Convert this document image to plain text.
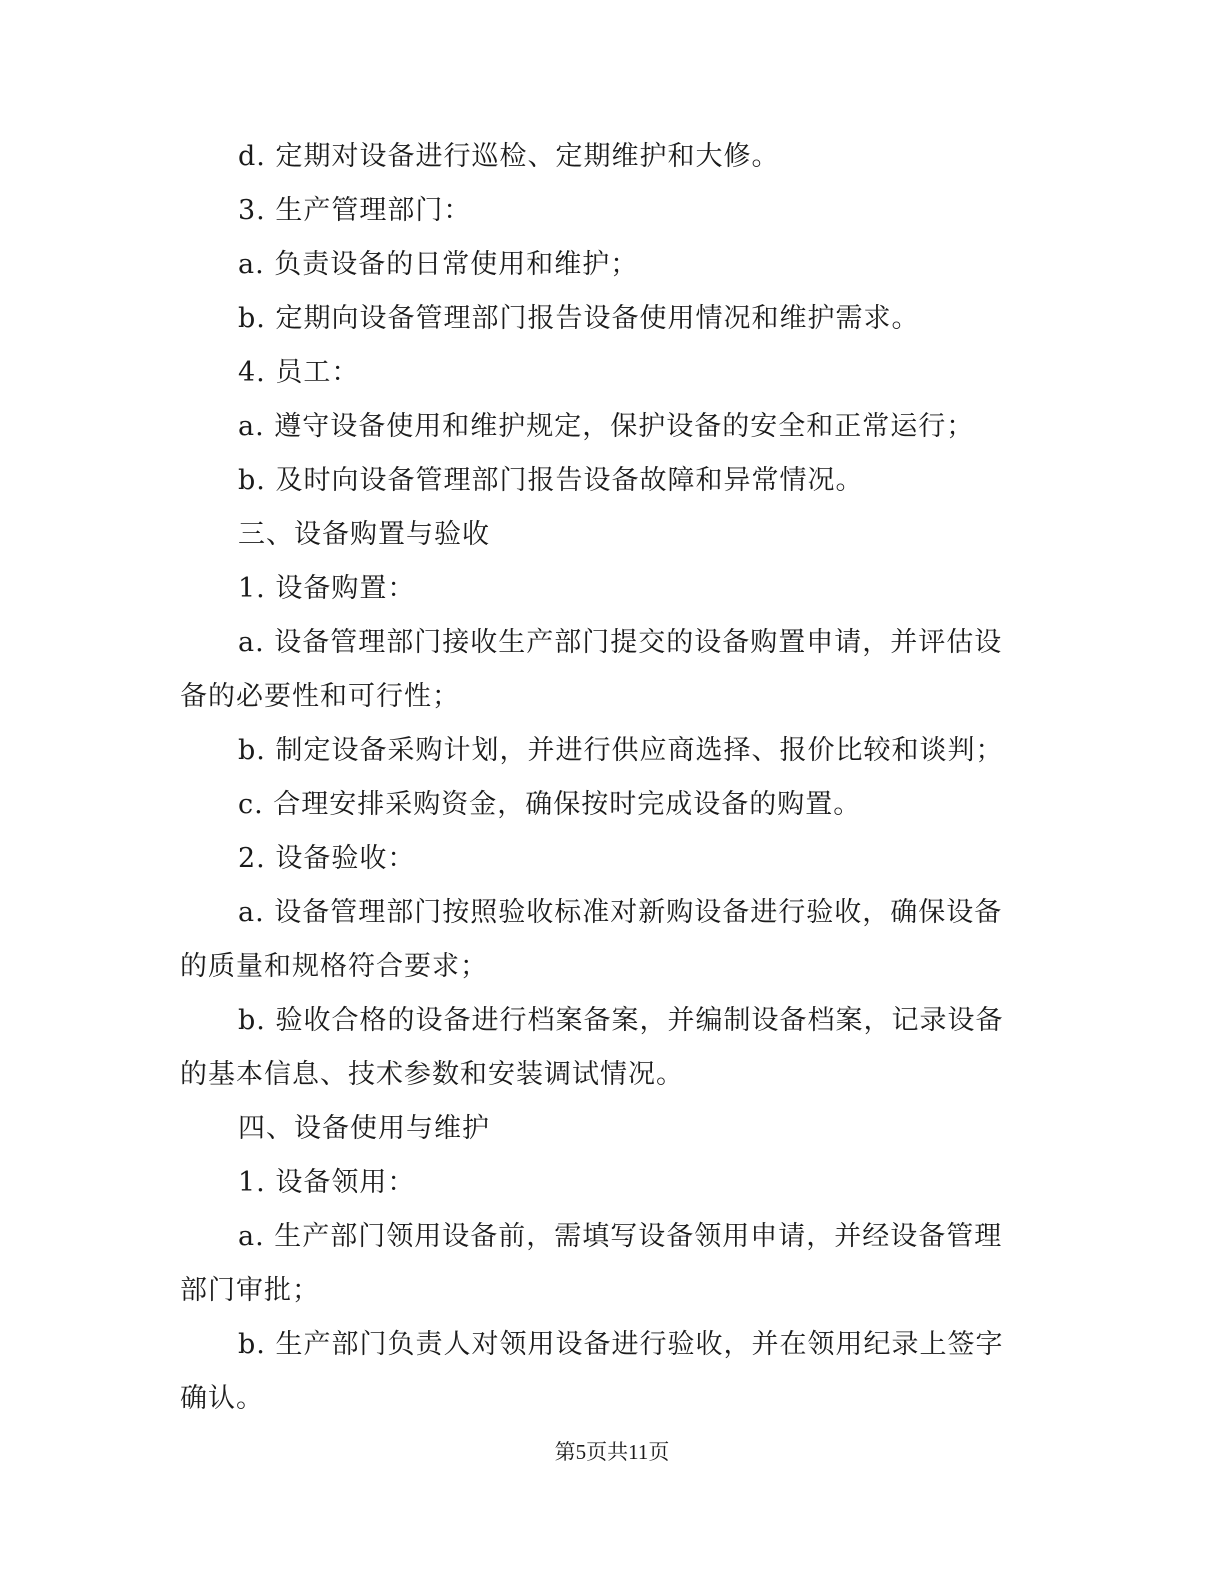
d. 定期对设备进行巡检、定期维护和大修。

3. 生产管理部门：

a. 负责设备的日常使用和维护；

b. 定期向设备管理部门报告设备使用情况和维护需求。

4. 员工：

a. 遵守设备使用和维护规定，保护设备的安全和正常运行；

b. 及时向设备管理部门报告设备故障和异常情况。

三、设备购置与验收

1. 设备购置：

a. 设备管理部门接收生产部门提交的设备购置申请，并评估设备的必要性和可行性；

b. 制定设备采购计划，并进行供应商选择、报价比较和谈判；

c. 合理安排采购资金，确保按时完成设备的购置。

2. 设备验收：

a. 设备管理部门按照验收标准对新购设备进行验收，确保设备的质量和规格符合要求；

b. 验收合格的设备进行档案备案，并编制设备档案，记录设备的基本信息、技术参数和安装调试情况。

四、设备使用与维护

1. 设备领用：

a. 生产部门领用设备前，需填写设备领用申请，并经设备管理部门审批；

b. 生产部门负责人对领用设备进行验收，并在领用纪录上签字确认。

第5页共11页
